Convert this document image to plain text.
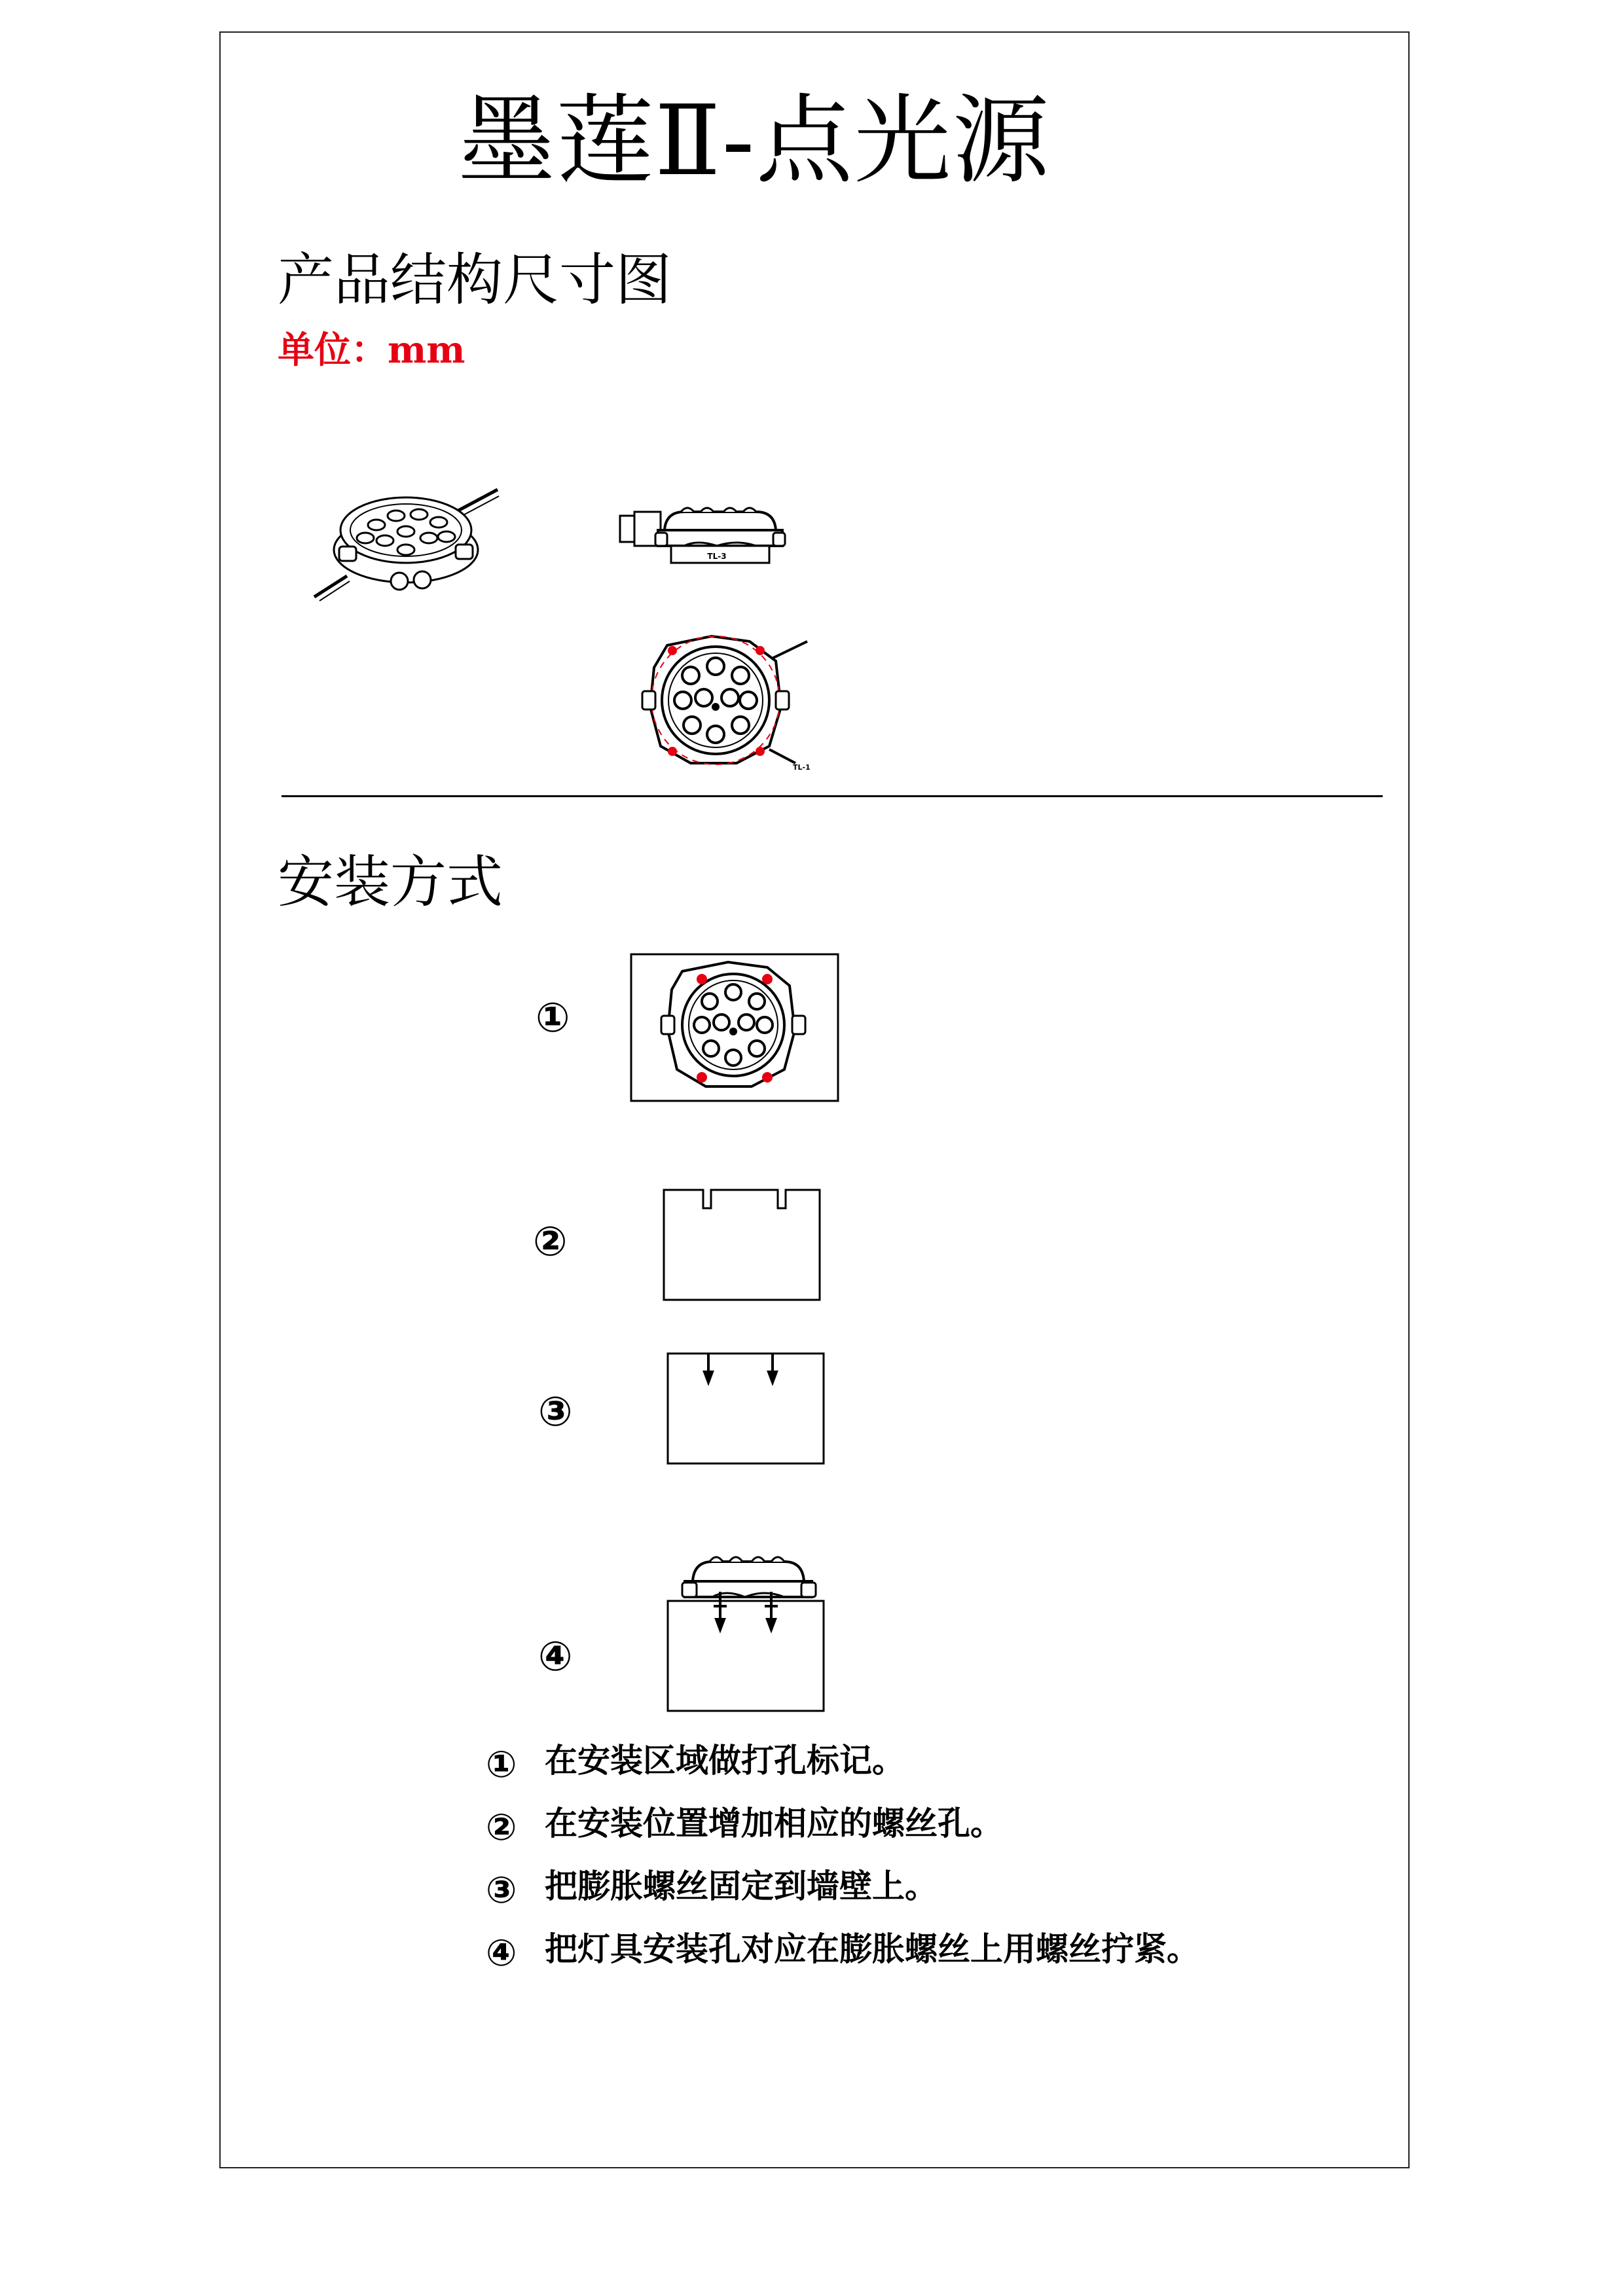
墨莲Ⅱ-点光源
产品结构尺寸图
单位：mm
TL-3
TL-1
安装方式
①
②
③
④
① 在安装区域做打孔标记。
② 在安装位置增加相应的螺丝孔。
③ 把膨胀螺丝固定到墙壁上。
④ 把灯具安装孔对应在膨胀螺丝上用螺丝拧紧。
